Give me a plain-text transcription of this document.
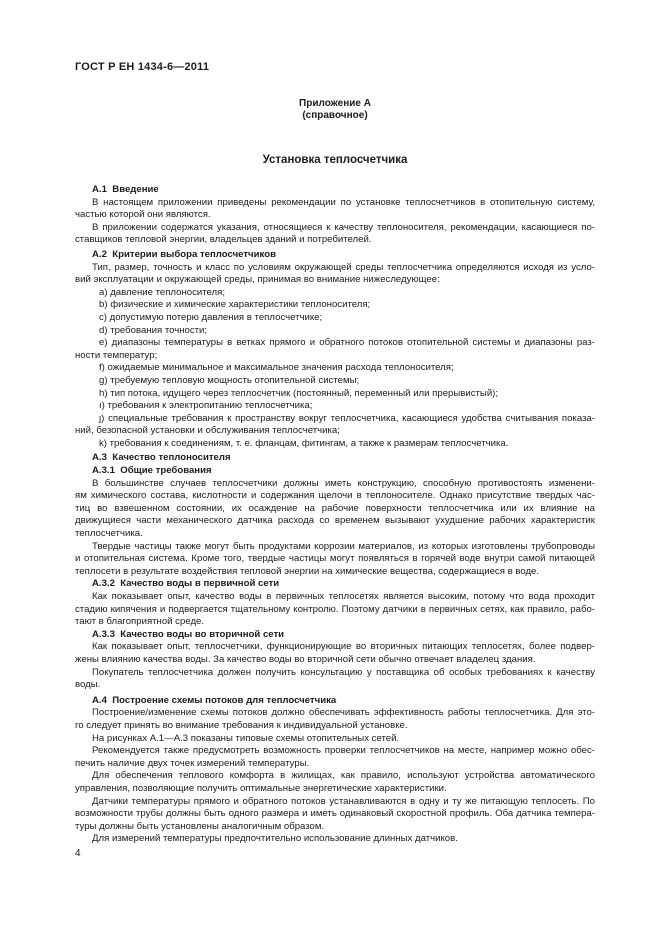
ГОСТ Р ЕН 1434-6—2011
Приложение А
(справочное)
Установка теплосчетчика
А.1  Введение
В настоящем приложении приведены рекомендации по установке теплосчетчиков в отопительную систему,
частью которой они являются.
В приложении содержатся указания, относящиеся к качеству теплоносителя, рекомендации, касающиеся по-
ставщиков тепловой энергии, владельцев зданий и потребителей.
А.2  Критерии выбора теплосчетчиков
Тип, размер, точность и класс по условиям окружающей среды теплосчетчика определяются исходя из усло-
вий эксплуатации и окружающей среды, принимая во внимание нижеследующее:
a) давление теплоносителя;
b) физические и химические характеристики теплоносителя;
c) допустимую потерю давления в теплосчетчике;
d) требования точности;
e) диапазоны температуры в ветках прямого и обратного потоков отопительной системы и диапазоны раз-
ности температур;
f) ожидаемые минимальное и максимальное значения расхода теплоносителя;
g) требуемую тепловую мощность отопительной системы;
h) тип потока, идущего через теплосчетчик (постоянный, переменный или прерывистый);
ı) требования к электропитанию теплосчетчика;
ȷ) специальные требования к пространству вокруг теплосчетчика, касающиеся удобства считывания показа-
ний, безопасной установки и обслуживания теплосчетчика;
k) требования к соединениям, т. е. фланцам, фитингам, а также к размерам теплосчетчика.
А.3  Качество теплоносителя
А.3.1  Общие требования
В большинстве случаев теплосчетчики должны иметь конструкцию, способную противостоять изменени-
ям химического состава, кислотности и содержания щелочи в теплоносителе. Однако присутствие твердых час-
тиц во взвешенном состоянии, их осаждение на рабочие поверхности теплосчетчика или их влияние на
движущиеся части механического датчика расхода со временем вызывают ухудшение рабочих характеристик
теплосчетчика.
Твердые частицы также могут быть продуктами коррозии материалов, из которых изготовлены трубопроводы
и отопительная система. Кроме того, твердые частицы могут появляться в горячей воде внутри самой питающей
теплосети в результате воздействия тепловой энергии на химические вещества, содержащиеся в воде.
А.3.2  Качество воды в первичной сети
Как показывает опыт, качество воды в первичных теплосетях является высоким, потому что вода проходит
стадию кипячения и подвергается тщательному контролю. Поэтому датчики в первичных сетях, как правило, рабо-
тают в благоприятной среде.
А.3.3  Качество воды во вторичной сети
Как показывает опыт, теплосчетчики, функционирующие во вторичных питающих теплосетях, более подвер-
жены влиянию качества воды. За качество воды во вторичной сети обычно отвечает владелец здания.
Покупатель теплосчетчика должен получить консультацию у поставщика об особых требованиях к качеству
воды.
А.4  Построение схемы потоков для теплосчетчика
Построение/изменение схемы потоков должно обеспечивать эффективность работы теплосчетчика. Для это-
го следует принять во внимание требования к индивидуальной установке.
На рисунках А.1—А.3 показаны типовые схемы отопительных сетей.
Рекомендуется также предусмотреть возможность проверки теплосчетчиков на месте, например можно обес-
печить наличие двух точек измерений температуры.
Для обеспечения теплового комфорта в жилищах, как правило, используют устройства автоматического
управления, позволяющие получить оптимальные энергетические характеристики.
Датчики температуры прямого и обратного потоков устанавливаются в одну и ту же питающую теплосеть. По
возможности трубы должны быть одного размера и иметь одинаковый скоростной профиль. Оба датчика темпера-
туры должны быть установлены аналогичным образом.
Для измерений температуры предпочтительно использование длинных датчиков.
4
